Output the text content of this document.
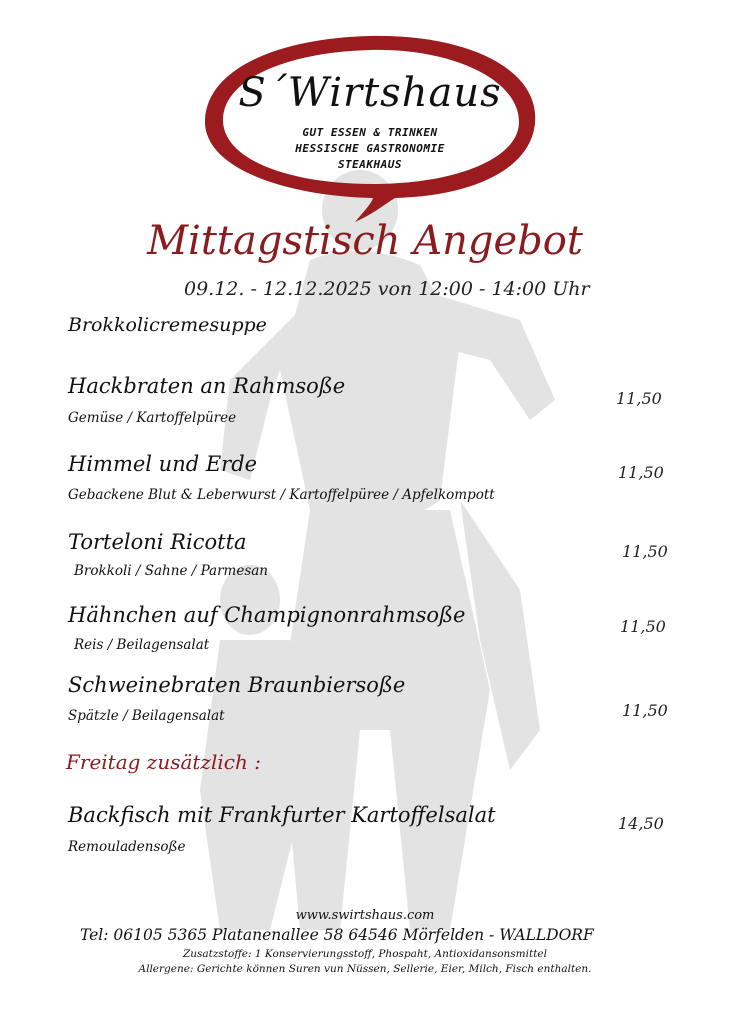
S´Wirtshaus
GUT ESSEN & TRINKEN
HESSISCHE GASTRONOMIE
STEAKHAUS
Mittagstisch Angebot
09.12. - 12.12.2025 von 12:00 - 14:00 Uhr
Brokkolicremesuppe
Hackbraten an Rahmsoße
Gemüse / Kartoffelpüree
11,50
Himmel und Erde
Gebackene Blut & Leberwurst / Kartoffelpüree / Apfelkompott
11,50
Torteloni Ricotta
Brokkoli / Sahne / Parmesan
11,50
Hähnchen auf Champignonrahmsoße
Reis / Beilagensalat
11,50
Schweinebraten Braunbiersoße
Spätzle / Beilagensalat	11,50
Freitag zusätzlich :
Backfisch mit Frankfurter Kartoffelsalat
Remouladensoße
14,50
www.swirtshaus.com
Tel: 06105 5365 Platanenallee 58 64546 Mörfelden - WALLDORF
Zusatzstoffe: 1 Konservierungsstoff, Phospaht, Antioxidansonsmittel
Allergene: Gerichte können Suren vun Nüssen, Sellerie, Eier, Milch, Fisch enthalten.
